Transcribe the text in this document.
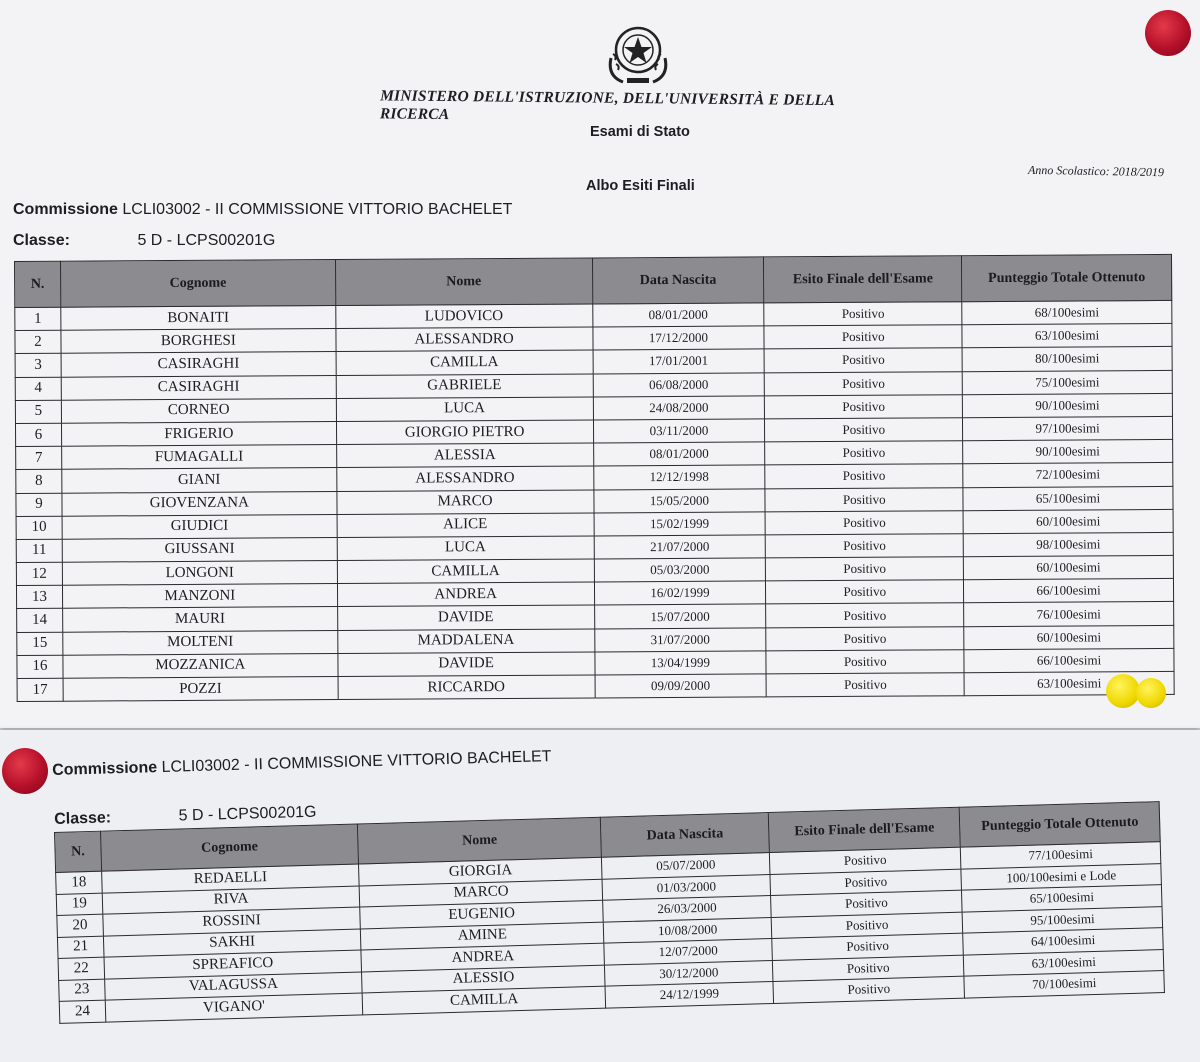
MINISTERO DELL'ISTRUZIONE, DELL'UNIVERSITÀ E DELLA RICERCA
Esami di Stato
Anno Scolastico: 2018/2019
Albo Esiti Finali
Commissione LCLI03002 - II COMMISSIONE VITTORIO BACHELET
Classe:	5 D - LCPS00201G
N.	Cognome	Nome	Data Nascita	Esito Finale dell'Esame	Punteggio Totale Ottenuto
1	BONAITI	LUDOVICO	08/01/2000	Positivo	68/100esimi
2	BORGHESI	ALESSANDRO	17/12/2000	Positivo	63/100esimi
3	CASIRAGHI	CAMILLA	17/01/2001	Positivo	80/100esimi
4	CASIRAGHI	GABRIELE	06/08/2000	Positivo	75/100esimi
5	CORNEO	LUCA	24/08/2000	Positivo	90/100esimi
6	FRIGERIO	GIORGIO PIETRO	03/11/2000	Positivo	97/100esimi
7	FUMAGALLI	ALESSIA	08/01/2000	Positivo	90/100esimi
8	GIANI	ALESSANDRO	12/12/1998	Positivo	72/100esimi
9	GIOVENZANA	MARCO	15/05/2000	Positivo	65/100esimi
10	GIUDICI	ALICE	15/02/1999	Positivo	60/100esimi
11	GIUSSANI	LUCA	21/07/2000	Positivo	98/100esimi
12	LONGONI	CAMILLA	05/03/2000	Positivo	60/100esimi
13	MANZONI	ANDREA	16/02/1999	Positivo	66/100esimi
14	MAURI	DAVIDE	15/07/2000	Positivo	76/100esimi
15	MOLTENI	MADDALENA	31/07/2000	Positivo	60/100esimi
16	MOZZANICA	DAVIDE	13/04/1999	Positivo	66/100esimi
17	POZZI	RICCARDO	09/09/2000	Positivo	63/100esimi
Commissione LCLI03002 - II COMMISSIONE VITTORIO BACHELET
Classe:	5 D - LCPS00201G
N.	Cognome	Nome	Data Nascita	Esito Finale dell'Esame	Punteggio Totale Ottenuto
18	REDAELLI	GIORGIA	05/07/2000	Positivo	77/100esimi
19	RIVA	MARCO	01/03/2000	Positivo	100/100esimi e Lode
20	ROSSINI	EUGENIO	26/03/2000	Positivo	65/100esimi
21	SAKHI	AMINE	10/08/2000	Positivo	95/100esimi
22	SPREAFICO	ANDREA	12/07/2000	Positivo	64/100esimi
23	VALAGUSSA	ALESSIO	30/12/2000	Positivo	63/100esimi
24	VIGANO'	CAMILLA	24/12/1999	Positivo	70/100esimi
